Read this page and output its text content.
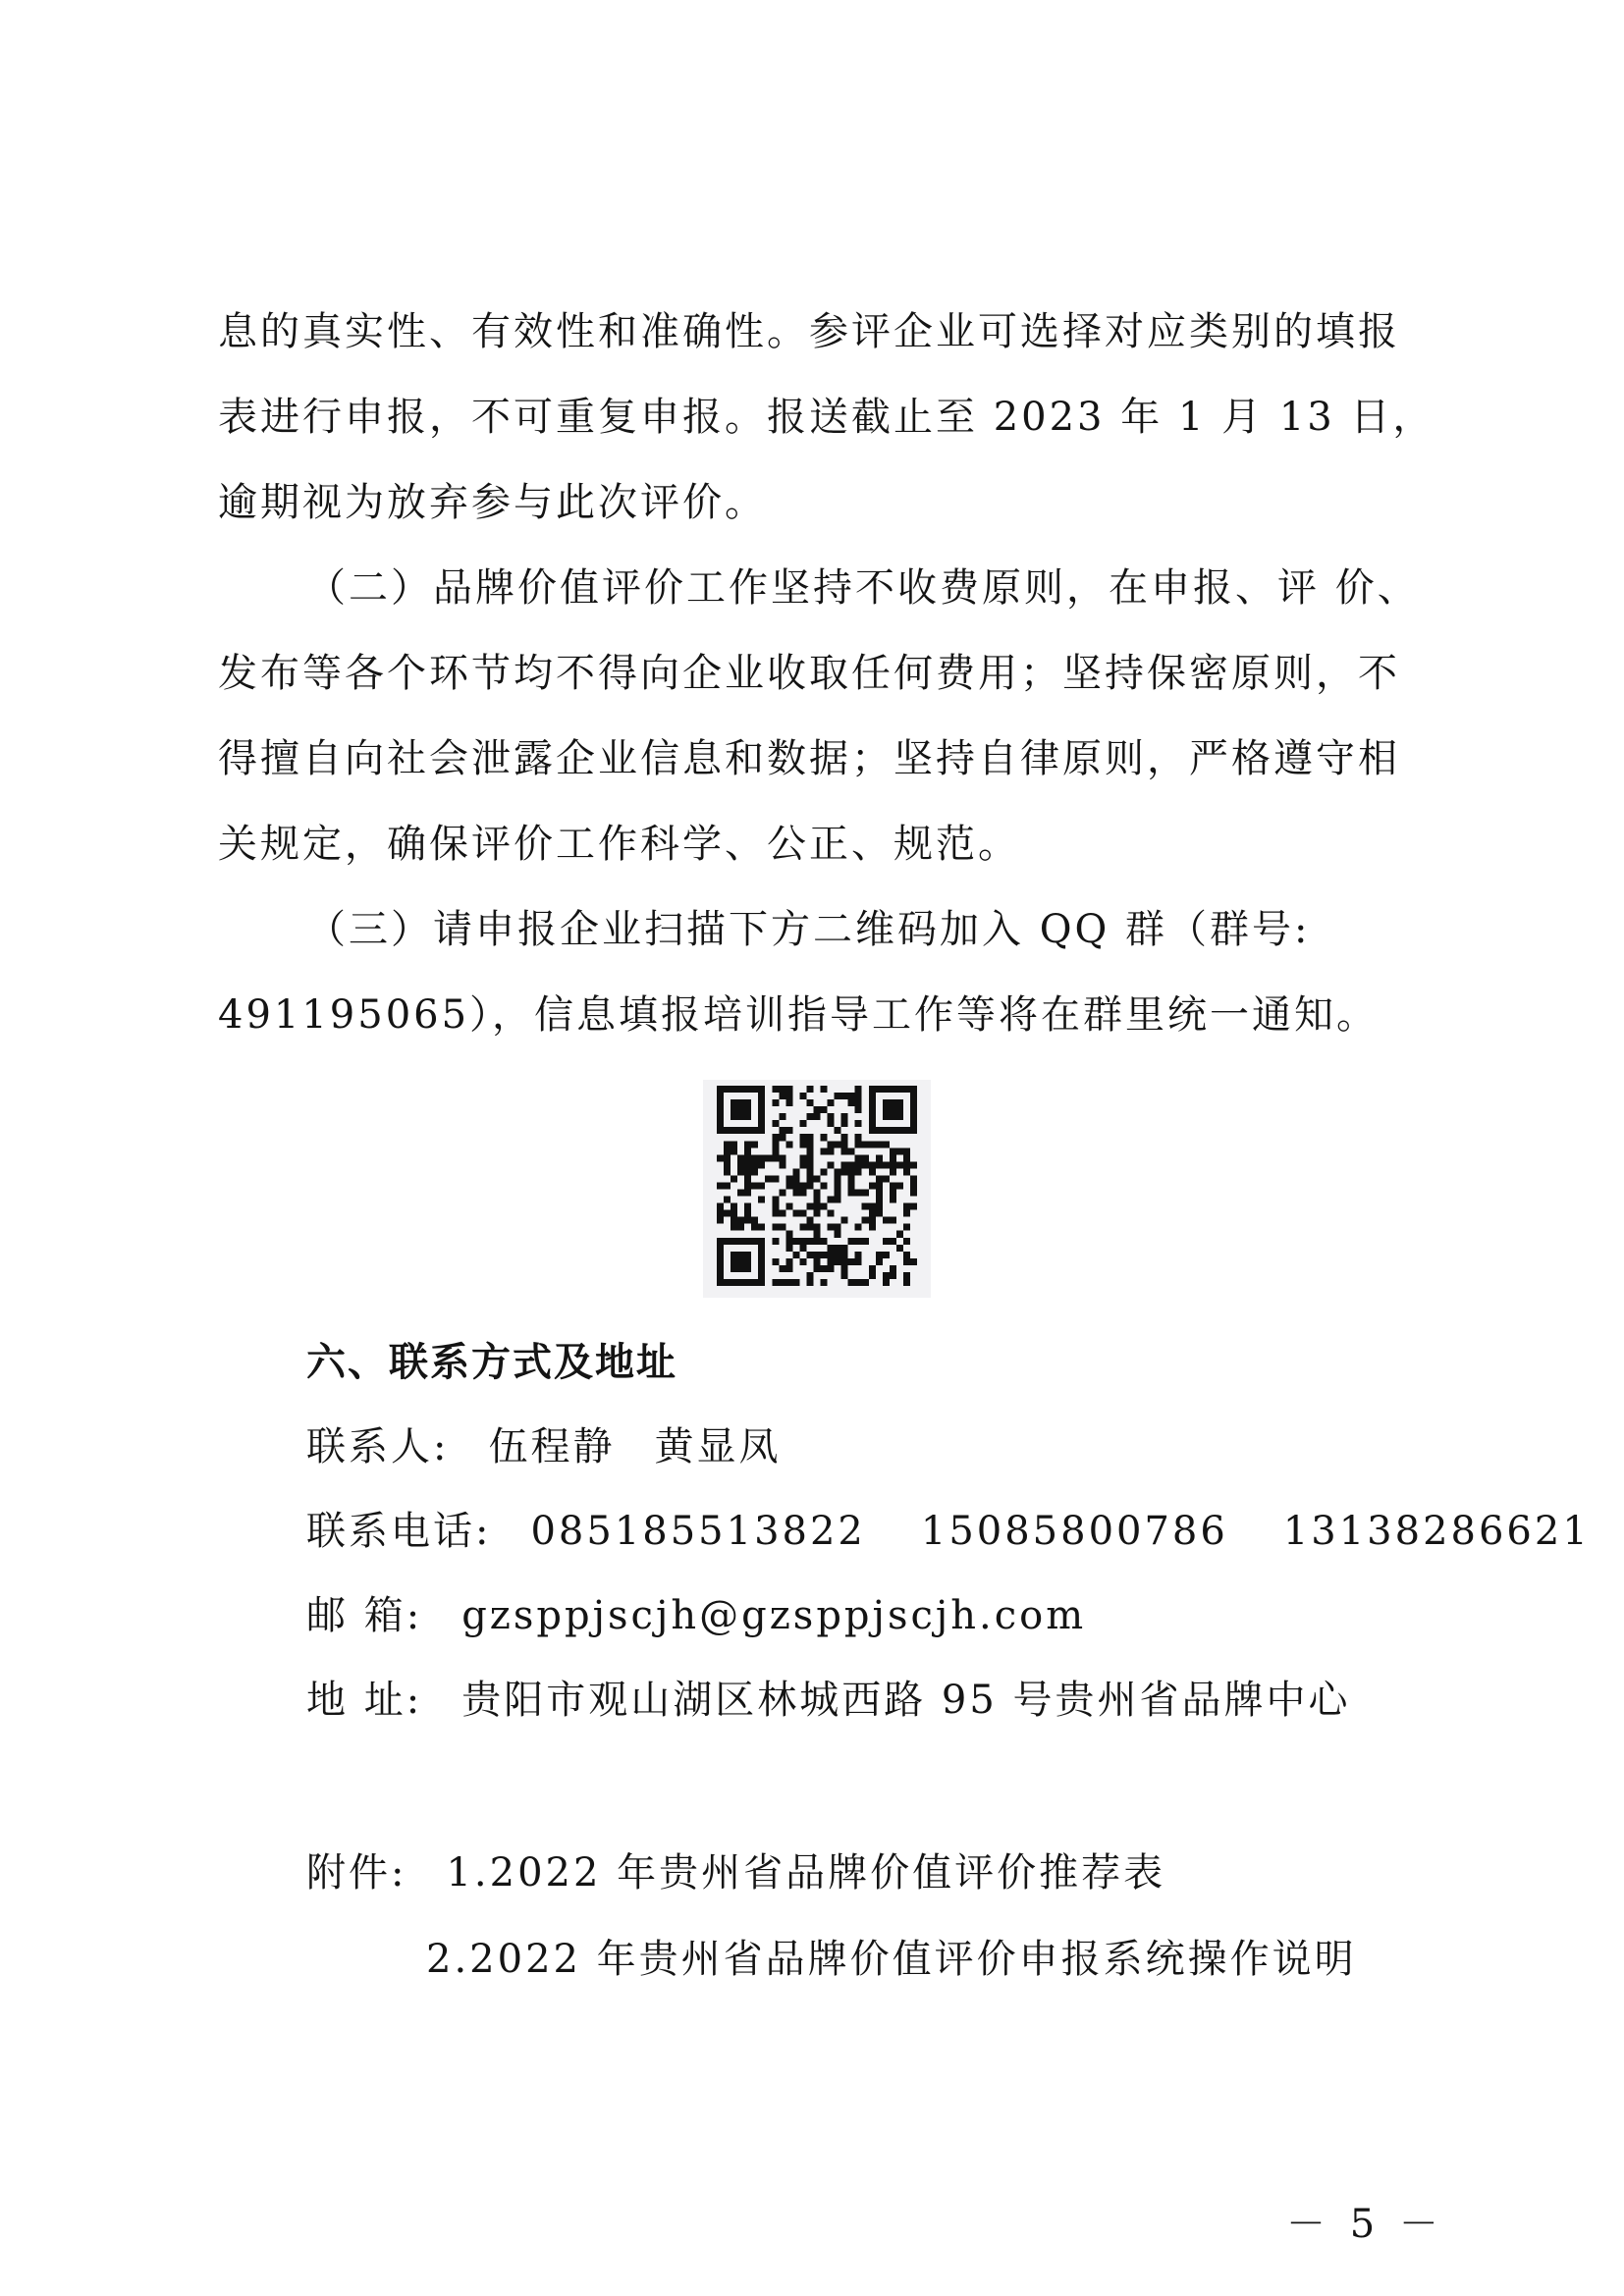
息的真实性、有效性和准确性。参评企业可选择对应类别的填报
表进行申报，不可重复申报。报送截止至 2023 年 1 月 13 日，
逾期视为放弃参与此次评价。
（二）品牌价值评价工作坚持不收费原则，在申报、评 价、
发布等各个环节均不得向企业收取任何费用；坚持保密原则，不
得擅自向社会泄露企业信息和数据；坚持自律原则，严格遵守相
关规定，确保评价工作科学、公正、规范。
（三）请申报企业扫描下方二维码加入 QQ 群（群号:
491195065），信息填报培训指导工作等将在群里统一通知。
六、联系方式及地址
联系人: 伍程静 黄显凤
联系电话: 085185513822 15085800786 13138286621
邮 箱: gzsppjscjh@gzsppjscjh.com
地 址: 贵阳市观山湖区林城西路 95 号贵州省品牌中心
附件: 1.2022 年贵州省品牌价值评价推荐表
2.2022 年贵州省品牌价值评价申报系统操作说明
－ 5 －
